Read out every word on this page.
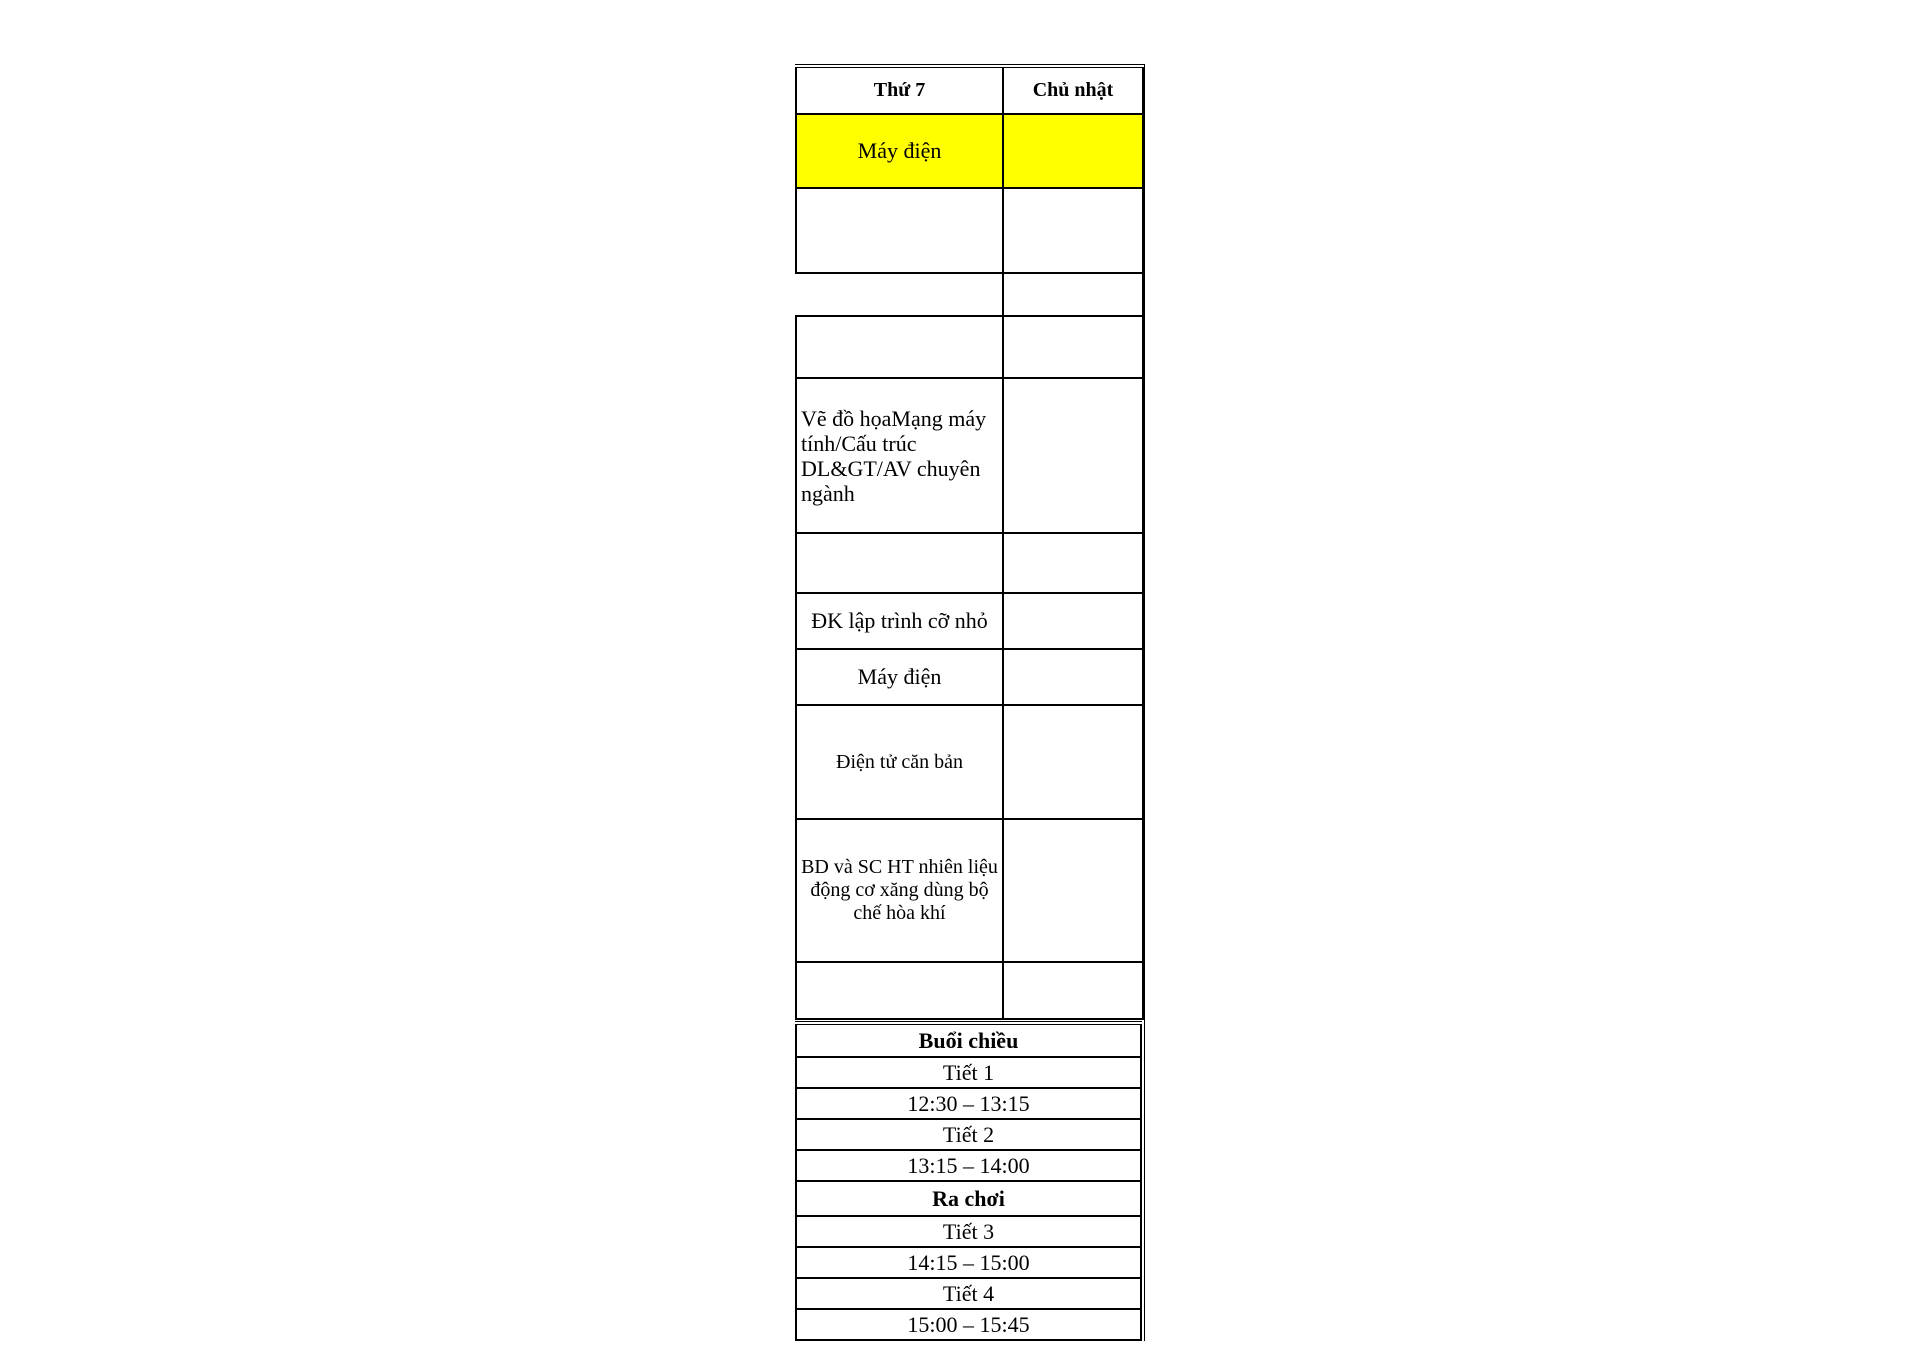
Thứ 7	Chủ nhật
Máy điện	

Vẽ đồ họaMạng máy tính/Cấu trúc DL&GT/AV chuyên ngành	

ĐK lập trình cỡ nhỏ	
Máy điện	
Điện tử căn bản	
BD và SC HT nhiên liệu động cơ xăng dùng bộ chế hòa khí	

Buổi chiều
Tiết 1
12:30 – 13:15
Tiết 2
13:15 – 14:00
Ra chơi
Tiết 3
14:15 – 15:00
Tiết 4
15:00 – 15:45
